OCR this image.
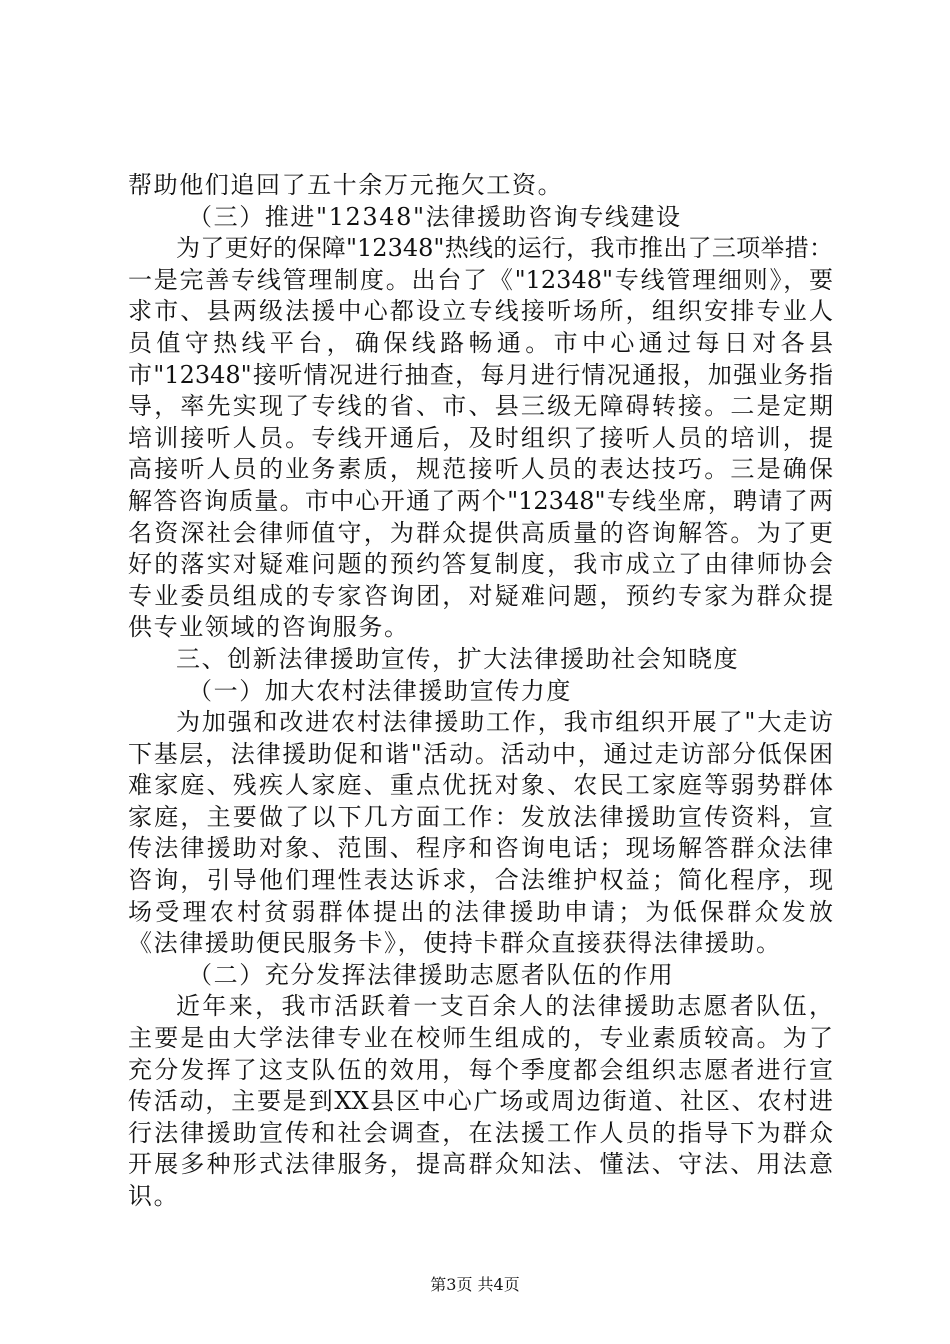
帮助他们追回了五十余万元拖欠工资。
（三）推进"12348"法律援助咨询专线建设
为了更好的保障"12348"热线的运行，我市推出了三项举措：
一是完善专线管理制度。出台了《"12348"专线管理细则》，要
求市、县两级法援中心都设立专线接听场所，组织安排专业人
员值守热线平台，确保线路畅通。市中心通过每日对各县
市"12348"接听情况进行抽查，每月进行情况通报，加强业务指
导，率先实现了专线的省、市、县三级无障碍转接。二是定期
培训接听人员。专线开通后，及时组织了接听人员的培训，提
高接听人员的业务素质，规范接听人员的表达技巧。三是确保
解答咨询质量。市中心开通了两个"12348"专线坐席，聘请了两
名资深社会律师值守，为群众提供高质量的咨询解答。为了更
好的落实对疑难问题的预约答复制度，我市成立了由律师协会
专业委员组成的专家咨询团，对疑难问题，预约专家为群众提
供专业领域的咨询服务。
三、创新法律援助宣传，扩大法律援助社会知晓度
（一）加大农村法律援助宣传力度
为加强和改进农村法律援助工作，我市组织开展了"大走访
下基层，法律援助促和谐"活动。活动中，通过走访部分低保困
难家庭、残疾人家庭、重点优抚对象、农民工家庭等弱势群体
家庭，主要做了以下几方面工作：发放法律援助宣传资料，宣
传法律援助对象、范围、程序和咨询电话；现场解答群众法律
咨询，引导他们理性表达诉求，合法维护权益；简化程序，现
场受理农村贫弱群体提出的法律援助申请；为低保群众发放
《法律援助便民服务卡》，使持卡群众直接获得法律援助。
（二）充分发挥法律援助志愿者队伍的作用
近年来，我市活跃着一支百余人的法律援助志愿者队伍，
主要是由大学法律专业在校师生组成的，专业素质较高。为了
充分发挥了这支队伍的效用，每个季度都会组织志愿者进行宣
传活动，主要是到XX县区中心广场或周边街道、社区、农村进
行法律援助宣传和社会调查，在法援工作人员的指导下为群众
开展多种形式法律服务，提高群众知法、懂法、守法、用法意
识。
第3页 共4页
